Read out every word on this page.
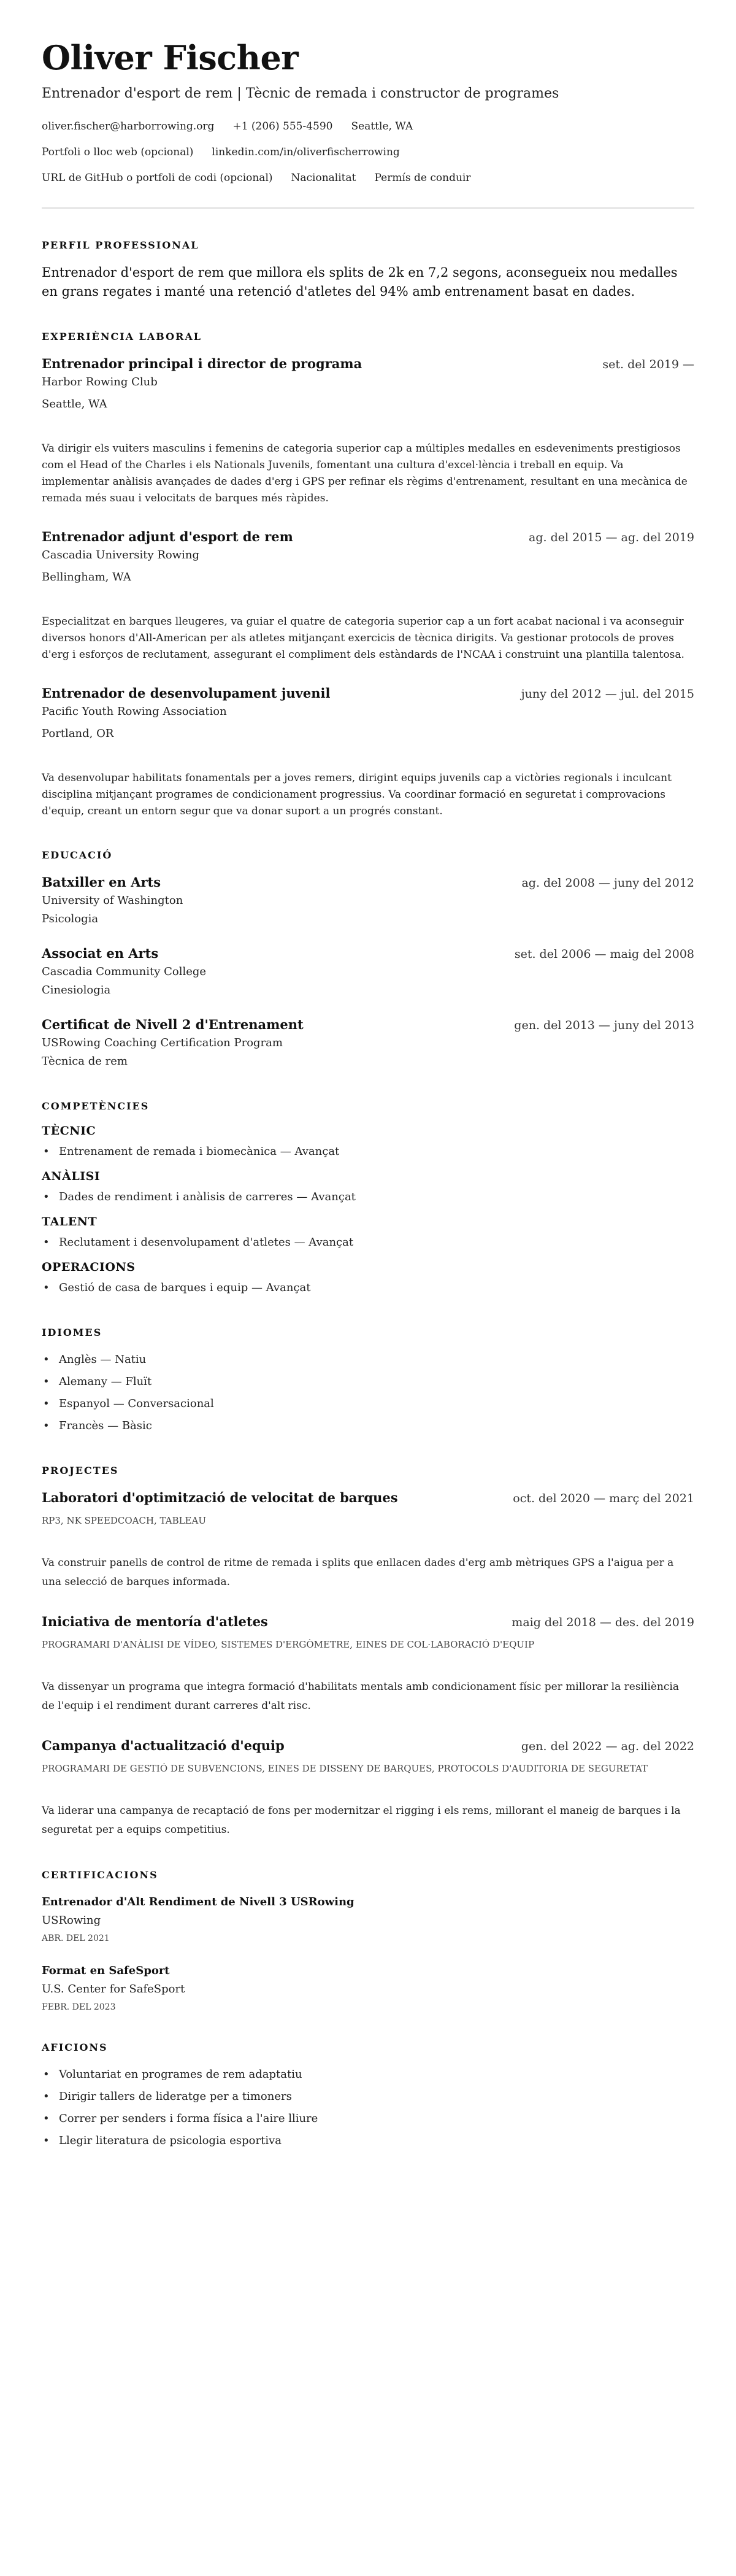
Oliver Fischer
Entrenador d'esport de rem | Tècnic de remada i constructor de programes
oliver.fischer@harborrowing.org +1 (206) 555-4590 Seattle, WA
Portfoli o lloc web (opcional) linkedin.com/in/oliverfischerrowing
URL de GitHub o portfoli de codi (opcional) Nacionalitat Permís de conduir
PERFIL PROFESSIONAL

Entrenador d'esport de rem que millora els splits de 2k en 7,2 segons, aconsegueix nou medalles en grans regates i manté una retenció d'atletes del 94% amb entrenament basat en dades.

EXPERIÈNCIA LABORAL
Entrenador principal i director de programa	set. del 2019 —
Harbor Rowing Club
Seattle, WA

Va dirigir els vuiters masculins i femenins de categoria superior cap a múltiples medalles en esdeveniments prestigiosos com el Head of the Charles i els Nationals Juvenils, fomentant una cultura d'excel·lència i treball en equip. Va implementar anàlisis avançades de dades d'erg i GPS per refinar els règims d'entrenament, resultant en una mecànica de remada més suau i velocitats de barques més ràpides.

Entrenador adjunt d'esport de rem	ag. del 2015 — ag. del 2019
Cascadia University Rowing
Bellingham, WA

Especialitzat en barques lleugeres, va guiar el quatre de categoria superior cap a un fort acabat nacional i va aconseguir diversos honors d'All-American per als atletes mitjançant exercicis de tècnica dirigits. Va gestionar protocols de proves d'erg i esforços de reclutament, assegurant el compliment dels estàndards de l'NCAA i construint una plantilla talentosa.

Entrenador de desenvolupament juvenil	juny del 2012 — jul. del 2015
Pacific Youth Rowing Association
Portland, OR

Va desenvolupar habilitats fonamentals per a joves remers, dirigint equips juvenils cap a victòries regionals i inculcant disciplina mitjançant programes de condicionament progressius. Va coordinar formació en seguretat i comprovacions d'equip, creant un entorn segur que va donar suport a un progrés constant.

EDUCACIÓ
Batxiller en Arts	ag. del 2008 — juny del 2012
University of Washington
Psicologia
Associat en Arts	set. del 2006 — maig del 2008
Cascadia Community College
Cinesiologia
Certificat de Nivell 2 d'Entrenament	gen. del 2013 — juny del 2013
USRowing Coaching Certification Program
Tècnica de rem
COMPETÈNCIES
TÈCNIC
• Entrenament de remada i biomecànica — Avançat
ANÀLISI
• Dades de rendiment i anàlisis de carreres — Avançat
TALENT
• Reclutament i desenvolupament d'atletes — Avançat
OPERACIONS
• Gestió de casa de barques i equip — Avançat
IDIOMES
• Anglès — Natiu
• Alemany — Fluït
• Espanyol — Conversacional
• Francès — Bàsic
PROJECTES
Laboratori d'optimització de velocitat de barques	oct. del 2020 — març del 2021
RP3, NK SPEEDCOACH, TABLEAU

Va construir panells de control de ritme de remada i splits que enllacen dades d'erg amb mètriques GPS a l'aigua per a una selecció de barques informada.

Iniciativa de mentoría d'atletes	maig del 2018 — des. del 2019
PROGRAMARI D'ANÀLISI DE VÍDEO, SISTEMES D'ERGÒMETRE, EINES DE COL·LABORACIÓ D'EQUIP

Va dissenyar un programa que integra formació d'habilitats mentals amb condicionament físic per millorar la resiliència de l'equip i el rendiment durant carreres d'alt risc.

Campanya d'actualització d'equip	gen. del 2022 — ag. del 2022
PROGRAMARI DE GESTIÓ DE SUBVENCIONS, EINES DE DISSENY DE BARQUES, PROTOCOLS D'AUDITORIA DE SEGURETAT

Va liderar una campanya de recaptació de fons per modernitzar el rigging i els rems, millorant el maneig de barques i la seguretat per a equips competitius.

CERTIFICACIONS
Entrenador d'Alt Rendiment de Nivell 3 USRowing
USRowing
ABR. DEL 2021
Format en SafeSport
U.S. Center for SafeSport
FEBR. DEL 2023
AFICIONS
• Voluntariat en programes de rem adaptatiu
• Dirigir tallers de lideratge per a timoners
• Correr per senders i forma física a l'aire lliure
• Llegir literatura de psicologia esportiva
